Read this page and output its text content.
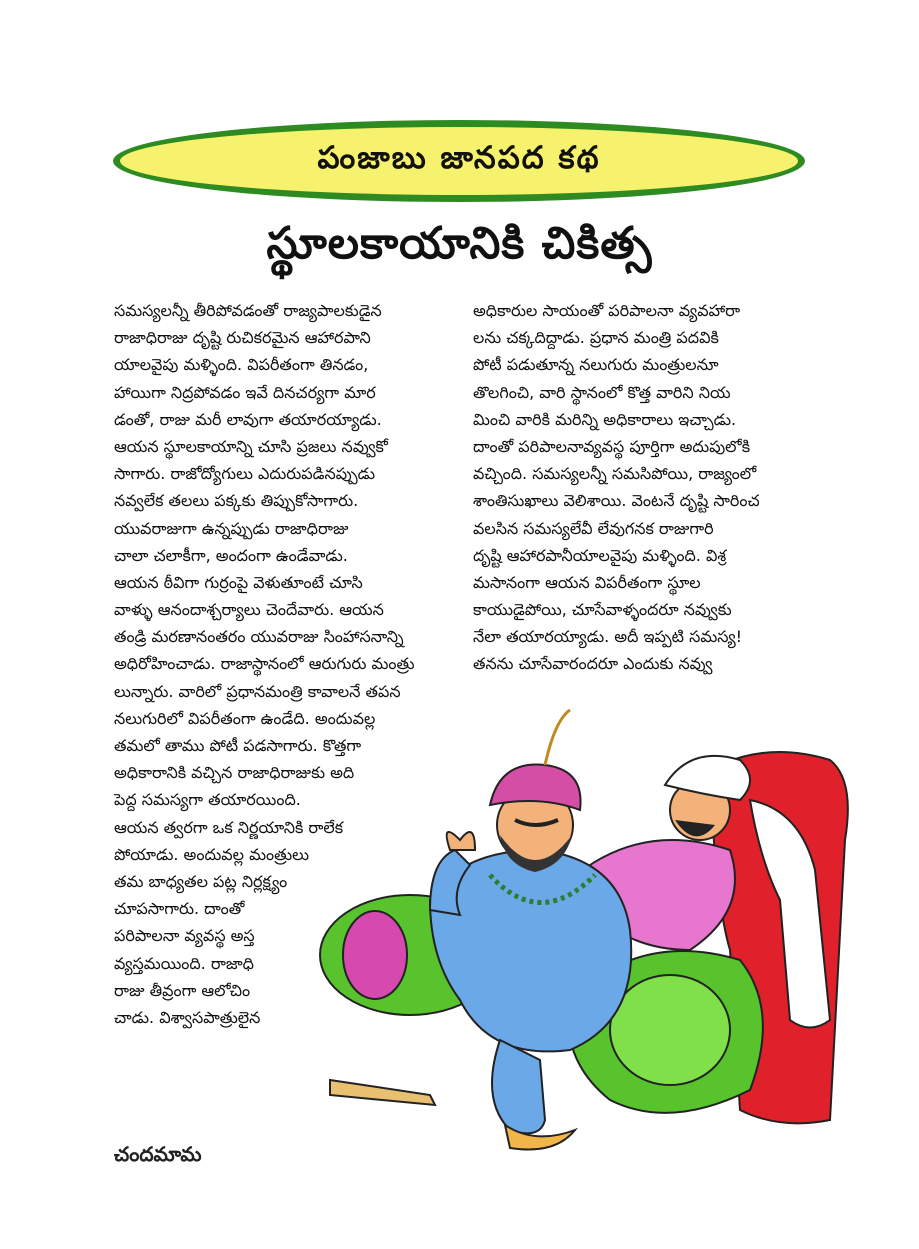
పంజాబు జానపద కథ
స్థూలకాయానికి చికిత్స
సమస్యలన్నీ తీరిపోవడంతో రాజ్యపాలకుడైన
రాజాధిరాజు దృష్టి రుచికరమైన ఆహారపాని
యాలవైపు మళ్ళింది. విపరీతంగా తినడం,
హాయిగా నిద్రపోవడం ఇవే దినచర్యగా మార
డంతో, రాజు మరీ లావుగా తయారయ్యాడు.
ఆయన స్థూలకాయాన్ని చూసి ప్రజలు నవ్వుకో
సాగారు. రాజోద్యోగులు ఎదురుపడినప్పుడు
నవ్వలేక తలలు పక్కకు తిప్పుకోసాగారు.
యువరాజుగా ఉన్నప్పుడు రాజాధిరాజు
చాలా చలాకీగా, అందంగా ఉండేవాడు.
ఆయన ఠీవిగా గుర్రంపై వెళుతూంటే చూసి
వాళ్ళు ఆనందాశ్చర్యాలు చెందేవారు. ఆయన
తండ్రి మరణానంతరం యువరాజు సింహాసనాన్ని
అధిరోహించాడు. రాజాస్థానంలో ఆరుగురు మంత్రు
లున్నారు. వారిలో ప్రధానమంత్రి కావాలనే తపన
నలుగురిలో విపరీతంగా ఉండేది. అందువల్ల
తమలో తాము పోటీ పడసాగారు. కొత్తగా
అధికారానికి వచ్చిన రాజాధిరాజుకు అది
పెద్ద సమస్యగా తయారయింది.
ఆయన త్వరగా ఒక నిర్ణయానికి రాలేక
పోయాడు. అందువల్ల మంత్రులు
తమ బాధ్యతల పట్ల నిర్లక్ష్యం
చూపసాగారు. దాంతో
పరిపాలనా వ్యవస్థ అస్త
వ్యస్తమయింది. రాజాధి
రాజు తీవ్రంగా ఆలోచిం
చాడు. విశ్వాసపాత్రులైన
అధికారుల సాయంతో పరిపాలనా వ్యవహారా
లను చక్కదిద్దాడు. ప్రధాన మంత్రి పదవికి
పోటీ పడుతూన్న నలుగురు మంత్రులనూ
తొలగించి, వారి స్థానంలో కొత్త వారిని నియ
మించి వారికి మరిన్ని అధికారాలు ఇచ్చాడు.
దాంతో పరిపాలనావ్యవస్థ పూర్తిగా అదుపులోకి
వచ్చింది. సమస్యలన్నీ సమసిపోయి, రాజ్యంలో
శాంతిసుఖాలు వెలిశాయి. వెంటనే దృష్టి సారించ
వలసిన సమస్యలేవీ లేవుగనక రాజుగారి
దృష్టి ఆహారపానీయాలవైపు మళ్ళింది. విశ్ర
మసానంగా ఆయన విపరీతంగా స్థూల
కాయుడైపోయి, చూసేవాళ్ళందరూ నవ్వుకు
నేలా తయారయ్యాడు. అదీ ఇప్పటి సమస్య!
తనను చూసేవారందరూ ఎందుకు నవ్వు
చందమామ
